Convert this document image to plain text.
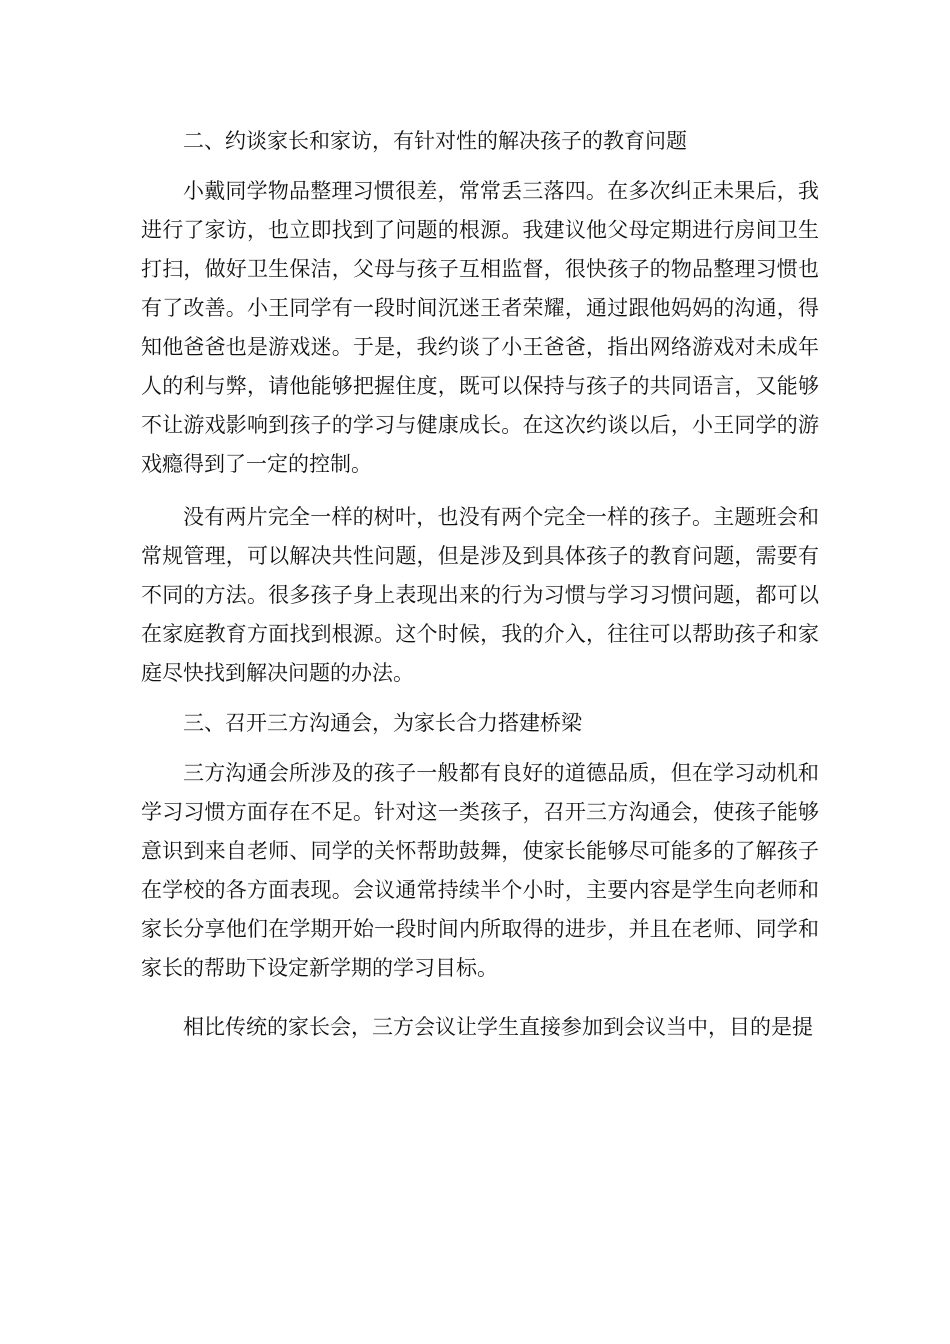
二、约谈家长和家访，有针对性的解决孩子的教育问题

小戴同学物品整理习惯很差，常常丢三落四。在多次纠正未果后，我进行了家访，也立即找到了问题的根源。我建议他父母定期进行房间卫生打扫，做好卫生保洁，父母与孩子互相监督，很快孩子的物品整理习惯也有了改善。小王同学有一段时间沉迷王者荣耀，通过跟他妈妈的沟通，得知他爸爸也是游戏迷。于是，我约谈了小王爸爸，指出网络游戏对未成年人的利与弊，请他能够把握住度，既可以保持与孩子的共同语言，又能够不让游戏影响到孩子的学习与健康成长。在这次约谈以后，小王同学的游戏瘾得到了一定的控制。

没有两片完全一样的树叶，也没有两个完全一样的孩子。主题班会和常规管理，可以解决共性问题，但是涉及到具体孩子的教育问题，需要有不同的方法。很多孩子身上表现出来的行为习惯与学习习惯问题，都可以在家庭教育方面找到根源。这个时候，我的介入，往往可以帮助孩子和家庭尽快找到解决问题的办法。

三、召开三方沟通会，为家长合力搭建桥梁

三方沟通会所涉及的孩子一般都有良好的道德品质，但在学习动机和学习习惯方面存在不足。针对这一类孩子，召开三方沟通会，使孩子能够意识到来自老师、同学的关怀帮助鼓舞，使家长能够尽可能多的了解孩子在学校的各方面表现。会议通常持续半个小时，主要内容是学生向老师和家长分享他们在学期开始一段时间内所取得的进步，并且在老师、同学和家长的帮助下设定新学期的学习目标。

相比传统的家长会，三方会议让学生直接参加到会议当中，目的是提
